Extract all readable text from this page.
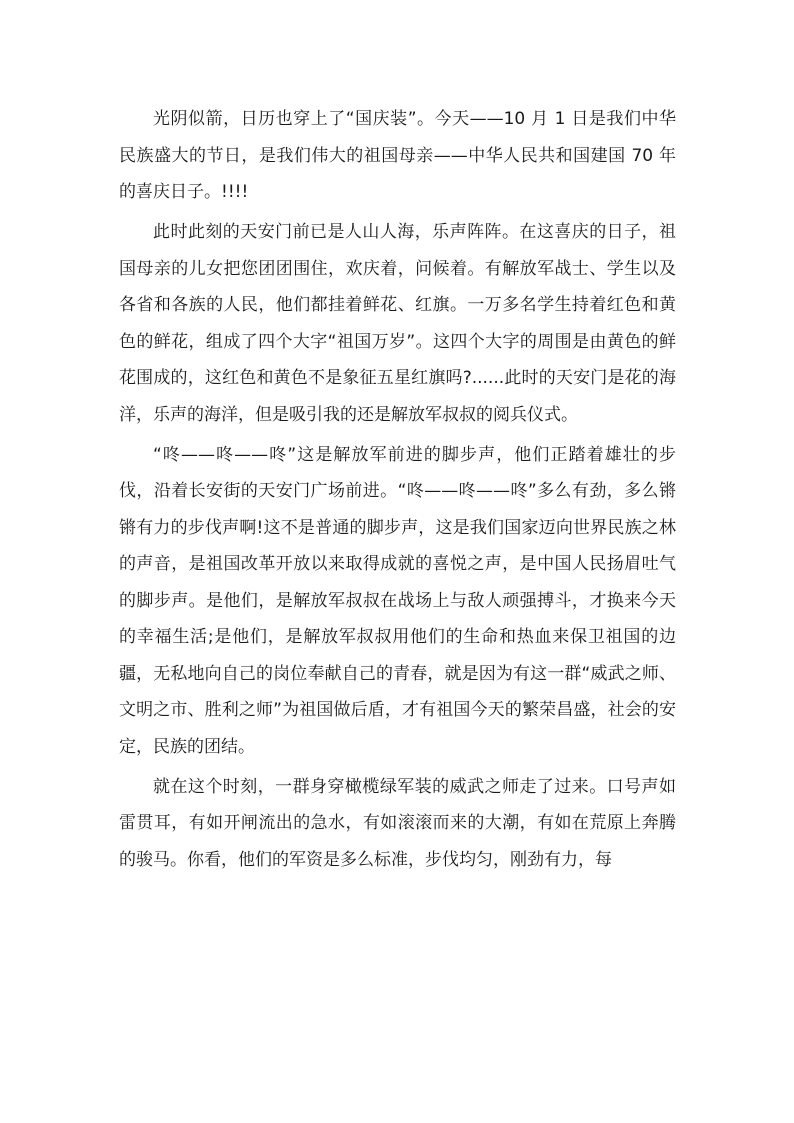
光阴似箭，日历也穿上了“国庆装”。今天——10 月 1 日是我们中华民族盛大的节日，是我们伟大的祖国母亲——中华人民共和国建国 70 年的喜庆日子。!!!!

此时此刻的天安门前已是人山人海，乐声阵阵。在这喜庆的日子，祖国母亲的儿女把您团团围住，欢庆着，问候着。有解放军战士、学生以及各省和各族的人民，他们都挂着鲜花、红旗。一万多名学生持着红色和黄色的鲜花，组成了四个大字“祖国万岁”。这四个大字的周围是由黄色的鲜花围成的，这红色和黄色不是象征五星红旗吗?......此时的天安门是花的海洋，乐声的海洋，但是吸引我的还是解放军叔叔的阅兵仪式。

“咚——咚——咚”这是解放军前进的脚步声，他们正踏着雄壮的步伐，沿着长安街的天安门广场前进。“咚——咚——咚”多么有劲，多么锵锵有力的步伐声啊!这不是普通的脚步声，这是我们国家迈向世界民族之林的声音，是祖国改革开放以来取得成就的喜悦之声，是中国人民扬眉吐气的脚步声。是他们，是解放军叔叔在战场上与敌人顽强搏斗，才换来今天的幸福生活;是他们，是解放军叔叔用他们的生命和热血来保卫祖国的边疆，无私地向自己的岗位奉献自己的青春，就是因为有这一群“威武之师、文明之市、胜利之师”为祖国做后盾，才有祖国今天的繁荣昌盛，社会的安定，民族的团结。

就在这个时刻，一群身穿橄榄绿军装的威武之师走了过来。口号声如雷贯耳，有如开闸流出的急水，有如滚滚而来的大潮，有如在荒原上奔腾的骏马。你看，他们的军资是多么标准，步伐均匀，刚劲有力，每
